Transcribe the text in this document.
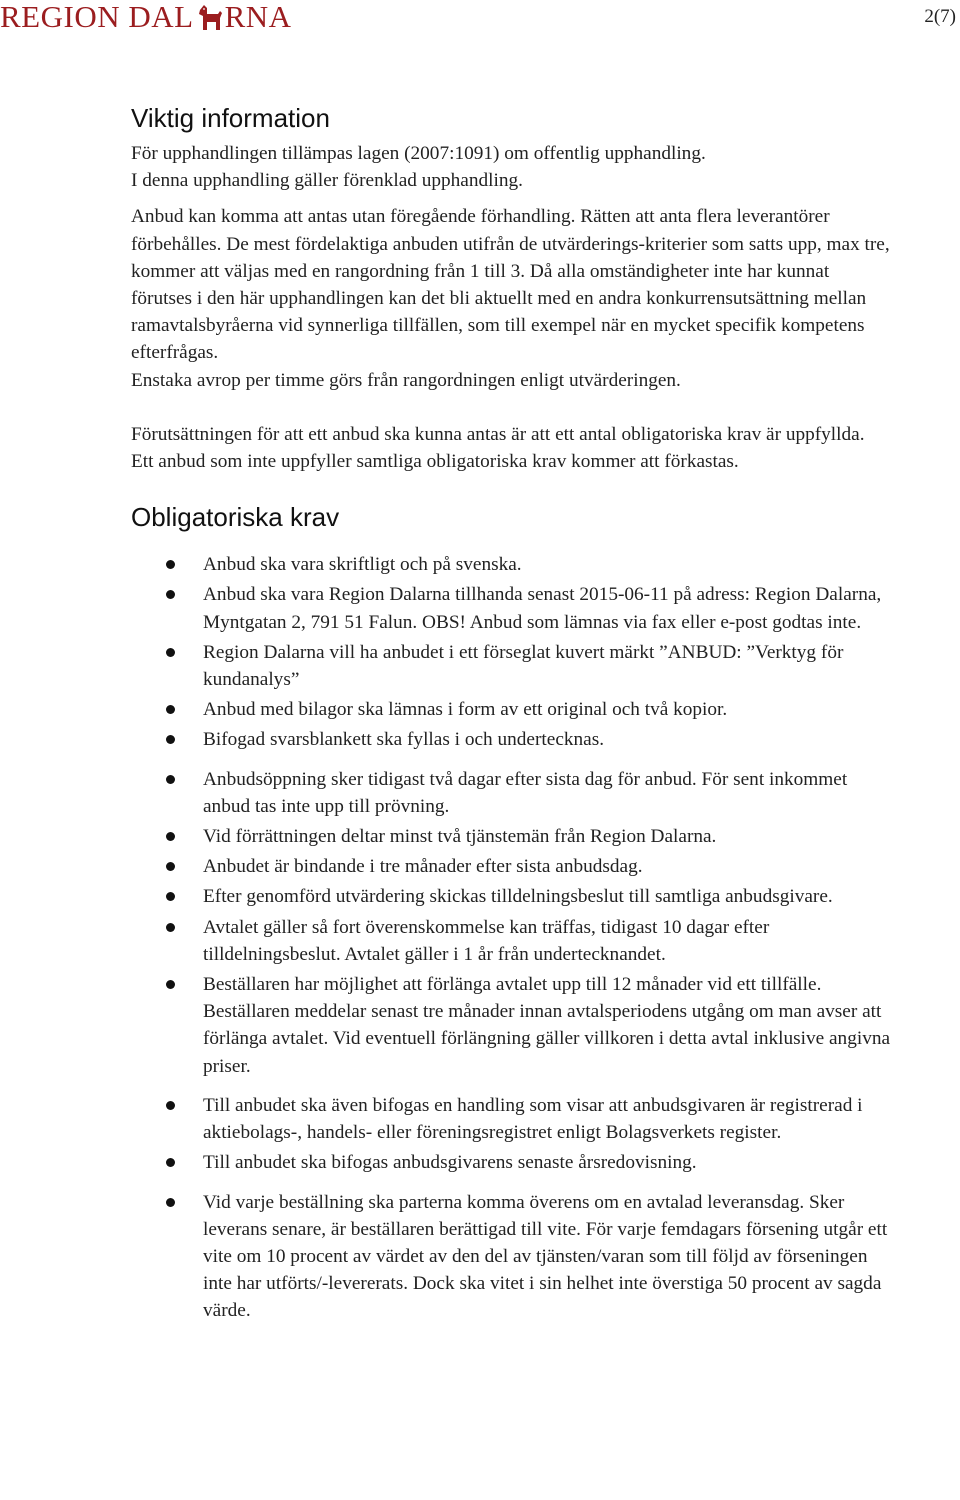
REGION DAL RNA	2(7)
Viktig information

För upphandlingen tillämpas lagen (2007:1091) om offentlig upphandling.

I denna upphandling gäller förenklad upphandling.

Anbud kan komma att antas utan föregående förhandling. Rätten att anta flera leverantörer förbehålles. De mest fördelaktiga anbuden utifrån de utvärderings-kriterier som satts upp, max tre, kommer att väljas med en rangordning från 1 till 3. Då alla omständigheter inte har kunnat förutses i den här upphandlingen kan det bli aktuellt med en andra konkurrensutsättning mellan ramavtalsbyråerna vid synnerliga tillfällen, som till exempel när en mycket specifik kompetens efterfrågas.

Enstaka avrop per timme görs från rangordningen enligt utvärderingen.

Förutsättningen för att ett anbud ska kunna antas är att ett antal obligatoriska krav är uppfyllda. Ett anbud som inte uppfyller samtliga obligatoriska krav kommer att förkastas.

Obligatoriska krav
Anbud ska vara skriftligt och på svenska.
Anbud ska vara Region Dalarna tillhanda senast 2015-06-11 på adress: Region Dalarna, Myntgatan 2, 791 51 Falun. OBS! Anbud som lämnas via fax eller e-post godtas inte.
Region Dalarna vill ha anbudet i ett förseglat kuvert märkt ”ANBUD: ”Verktyg för kundanalys”
Anbud med bilagor ska lämnas i form av ett original och två kopior.
Bifogad svarsblankett ska fyllas i och undertecknas.
Anbudsöppning sker tidigast två dagar efter sista dag för anbud. För sent inkommet anbud tas inte upp till prövning.
Vid förrättningen deltar minst två tjänstemän från Region Dalarna.
Anbudet är bindande i tre månader efter sista anbudsdag.
Efter genomförd utvärdering skickas tilldelningsbeslut till samtliga anbudsgivare.
Avtalet gäller så fort överenskommelse kan träffas, tidigast 10 dagar efter tilldelningsbeslut. Avtalet gäller i 1 år från undertecknandet.
Beställaren har möjlighet att förlänga avtalet upp till 12 månader vid ett tillfälle. Beställaren meddelar senast tre månader innan avtalsperiodens utgång om man avser att förlänga avtalet. Vid eventuell förlängning gäller villkoren i detta avtal inklusive angivna priser.
Till anbudet ska även bifogas en handling som visar att anbudsgivaren är registrerad i aktiebolags-, handels- eller föreningsregistret enligt Bolagsverkets register.
Till anbudet ska bifogas anbudsgivarens senaste årsredovisning.
Vid varje beställning ska parterna komma överens om en avtalad leveransdag. Sker leverans senare, är beställaren berättigad till vite. För varje femdagars försening utgår ett vite om 10 procent av värdet av den del av tjänsten/varan som till följd av förseningen inte har utförts/-levererats. Dock ska vitet i sin helhet inte överstiga 50 procent av sagda värde.
